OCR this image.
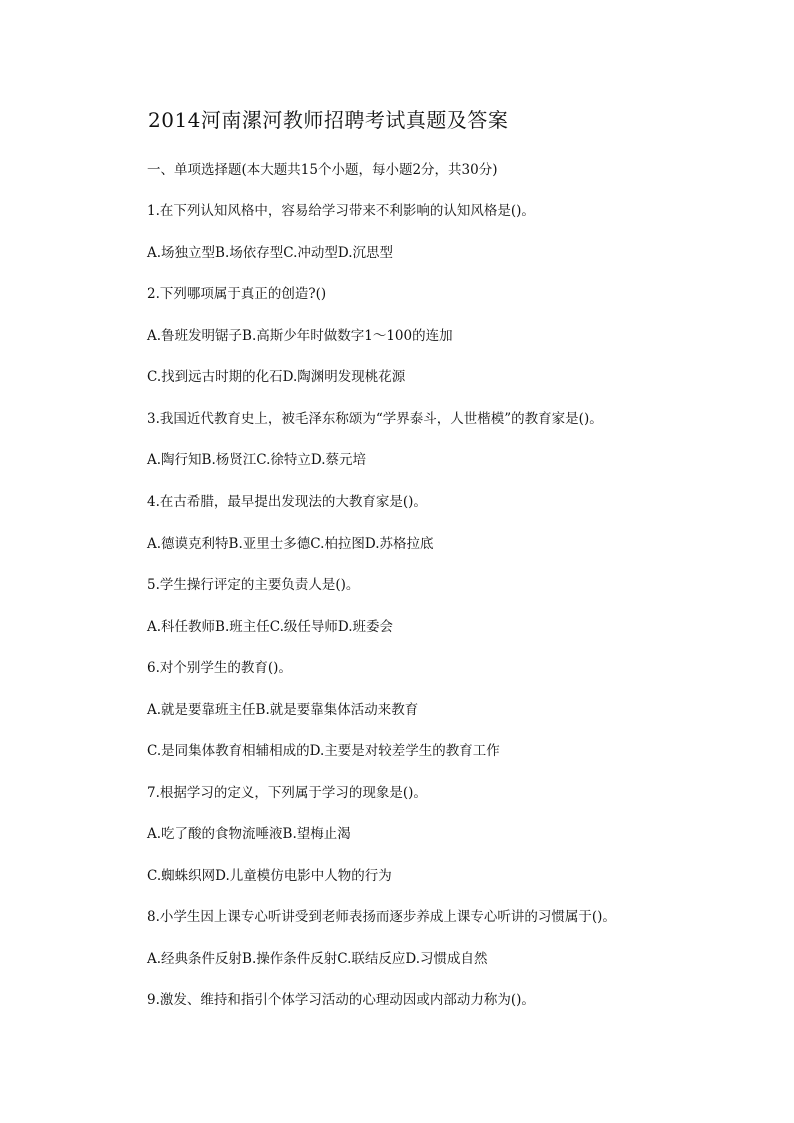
2014河南漯河教师招聘考试真题及答案
一、单项选择题(本大题共15个小题，每小题2分，共30分)
1.在下列认知风格中，容易给学习带来不利影响的认知风格是()。
A.场独立型B.场依存型C.冲动型D.沉思型
2.下列哪项属于真正的创造?()
A.鲁班发明锯子B.高斯少年时做数字1～100的连加
C.找到远古时期的化石D.陶渊明发现桃花源
3.我国近代教育史上，被毛泽东称颂为“学界泰斗，人世楷模”的教育家是()。
A.陶行知B.杨贤江C.徐特立D.蔡元培
4.在古希腊，最早提出发现法的大教育家是()。
A.德谟克利特B.亚里士多德C.柏拉图D.苏格拉底
5.学生操行评定的主要负责人是()。
A.科任教师B.班主任C.级任导师D.班委会
6.对个别学生的教育()。
A.就是要靠班主任B.就是要靠集体活动来教育
C.是同集体教育相辅相成的D.主要是对较差学生的教育工作
7.根据学习的定义，下列属于学习的现象是()。
A.吃了酸的食物流唾液B.望梅止渴
C.蜘蛛织网D.儿童模仿电影中人物的行为
8.小学生因上课专心听讲受到老师表扬而逐步养成上课专心听讲的习惯属于()。
A.经典条件反射B.操作条件反射C.联结反应D.习惯成自然
9.激发、维持和指引个体学习活动的心理动因或内部动力称为()。
